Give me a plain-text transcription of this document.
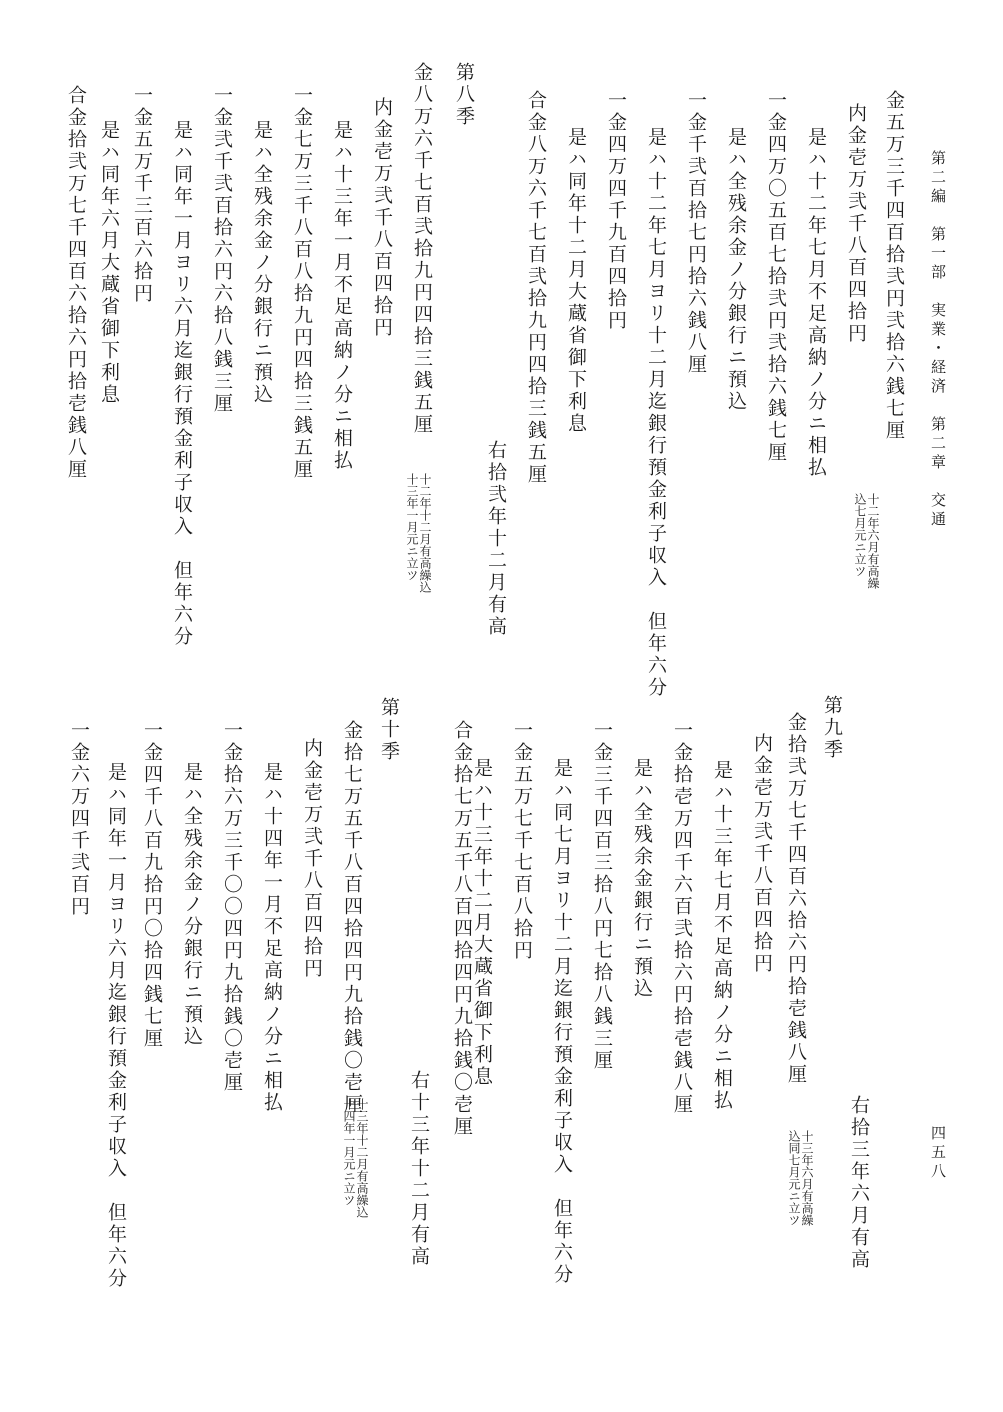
第二編　第一部　実業・経済　第二章　交通
四五八
金五万三千四百拾弐円弐拾六銭七厘
内金壱万弐千八百四拾円
是ハ十二年七月不足高納ノ分ニ相払
一金四万〇五百七拾弐円弐拾六銭七厘
是ハ全残余金ノ分銀行ニ預込
一金千弐百拾七円拾六銭八厘
是ハ十二年七月ヨリ十二月迄銀行預金利子収入　但年六分
一金四万四千九百四拾円
是ハ同年十二月大蔵省御下利息
合金八万六千七百弐拾九円四拾三銭五厘
右拾弐年十二月有高
第八季
金八万六千七百弐拾九円四拾三銭五厘
内金壱万弐千八百四拾円
是ハ十三年一月不足高納ノ分ニ相払
一金七万三千八百八拾九円四拾三銭五厘
是ハ全残余金ノ分銀行ニ預込
一金弐千弐百拾六円六拾八銭三厘
是ハ同年一月ヨリ六月迄銀行預金利子収入　但年六分
一金五万千三百六拾円
是ハ同年六月大蔵省御下利息
合金拾弐万七千四百六拾六円拾壱銭八厘
十二年六月有高繰
込七月元ニ立ツ
十二年十二月有高繰込
十三年一月元ニ立ツ
右拾三年六月有高
第九季
金拾弐万七千四百六拾六円拾壱銭八厘
内金壱万弐千八百四拾円
是ハ十三年七月不足高納ノ分ニ相払
一金拾壱万四千六百弐拾六円拾壱銭八厘
是ハ全残余金銀行ニ預込
一金三千四百三拾八円七拾八銭三厘
是ハ同七月ヨリ十二月迄銀行預金利子収入　但年六分
一金五万七千七百八拾円
是ハ十三年十二月大蔵省御下利息
合金拾七万五千八百四拾四円九拾銭〇壱厘
右十三年十二月有高
金拾七万五千八百四拾四円九拾銭〇壱厘
内金壱万弐千八百四拾円
是ハ十四年一月不足高納ノ分ニ相払
一金拾六万三千〇〇四円九拾銭〇壱厘
是ハ全残余金ノ分銀行ニ預込
一金四千八百九拾円〇拾四銭七厘
是ハ同年一月ヨリ六月迄銀行預金利子収入　但年六分
一金六万四千弐百円	第十季
十三年六月有高繰
込同七月元ニ立ツ
十三年十二月有高繰込
十四年一月元ニ立ツ
